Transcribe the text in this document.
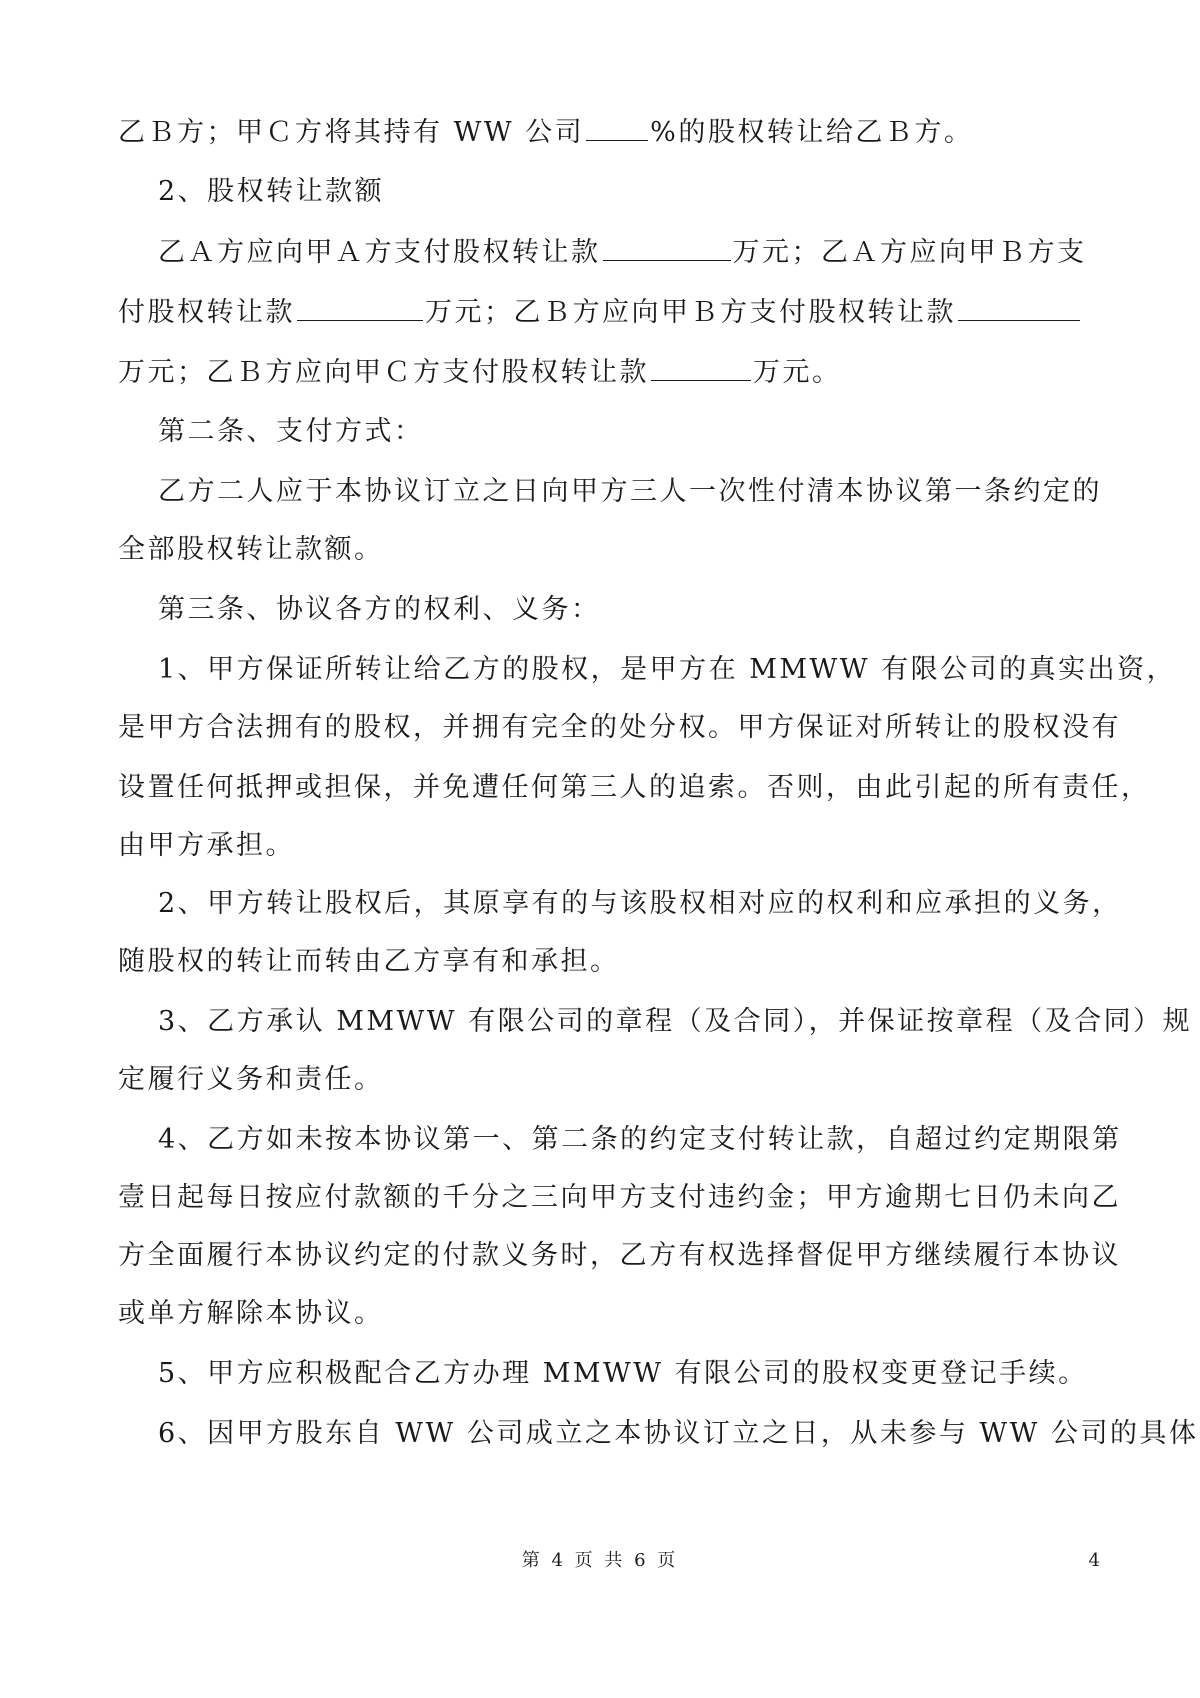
乙Ｂ方；甲Ｃ方将其持有 WW 公司 %的股权转让给乙Ｂ方。
2、股权转让款额
乙Ａ方应向甲Ａ方支付股权转让款	万元；乙Ａ方应向甲Ｂ方支
付股权转让款	万元；乙Ｂ方应向甲Ｂ方支付股权转让款
万元；乙Ｂ方应向甲Ｃ方支付股权转让款	万元。
第二条、支付方式：
乙方二人应于本协议订立之日向甲方三人一次性付清本协议第一条约定的
全部股权转让款额。
第三条、协议各方的权利、义务：
1、甲方保证所转让给乙方的股权，是甲方在 MMWW 有限公司的真实出资，
是甲方合法拥有的股权，并拥有完全的处分权。甲方保证对所转让的股权没有
设置任何抵押或担保，并免遭任何第三人的追索。否则，由此引起的所有责任，
由甲方承担。
2、甲方转让股权后，其原享有的与该股权相对应的权利和应承担的义务，
随股权的转让而转由乙方享有和承担。
3、乙方承认 MMWW 有限公司的章程（及合同），并保证按章程（及合同）规
定履行义务和责任。
4、乙方如未按本协议第一、第二条的约定支付转让款，自超过约定期限第
壹日起每日按应付款额的千分之三向甲方支付违约金；甲方逾期七日仍未向乙
方全面履行本协议约定的付款义务时，乙方有权选择督促甲方继续履行本协议
或单方解除本协议。
5、甲方应积极配合乙方办理 MMWW 有限公司的股权变更登记手续。
6、因甲方股东自 WW 公司成立之本协议订立之日，从未参与 WW 公司的具体
第 4 页 共 6 页	4
